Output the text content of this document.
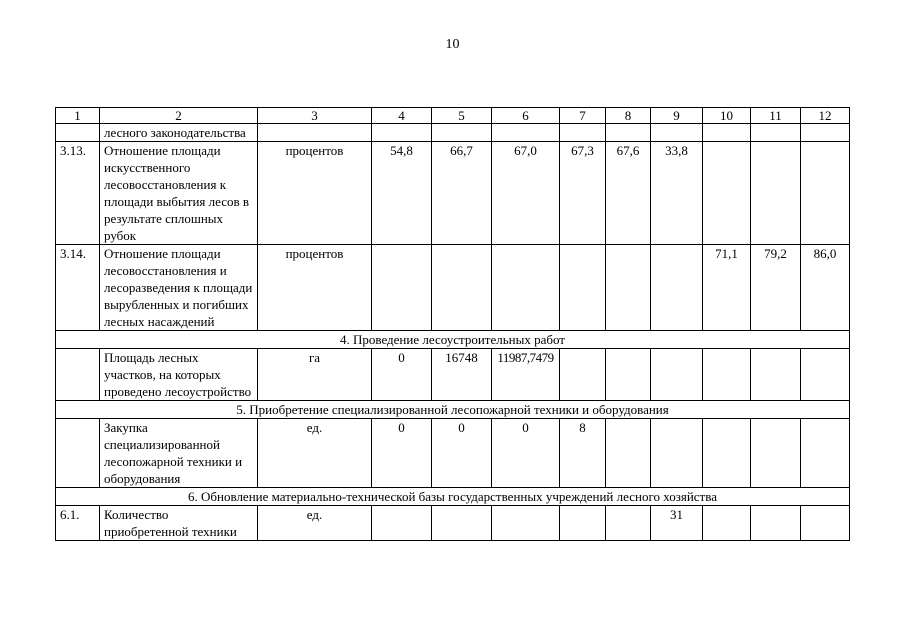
10
1	2	3	4	5	6	7	8	9	10	11	12
	лесного законодательства										
3.13.	Отношение площади искусственного лесовосстановления к площади выбытия лесов в результате сплошных рубок	процентов	54,8	66,7	67,0	67,3	67,6	33,8			
3.14.	Отношение площади лесовосстановления и лесоразведения к площади вырубленных и погибших лесных насаждений	процентов							71,1	79,2	86,0
4. Проведение лесоустроительных работ											
	Площадь лесных участков, на которых проведено лесоустройство	га	0	16748	11987,7479						
5. Приобретение специализированной лесопожарной техники и оборудования											
	Закупка специализированной лесопожарной техники и оборудования	ед.	0	0	0	8					
6. Обновление материально-технической базы государственных учреждений лесного хозяйства											
6.1.	Количество приобретенной техники	ед.						31			
